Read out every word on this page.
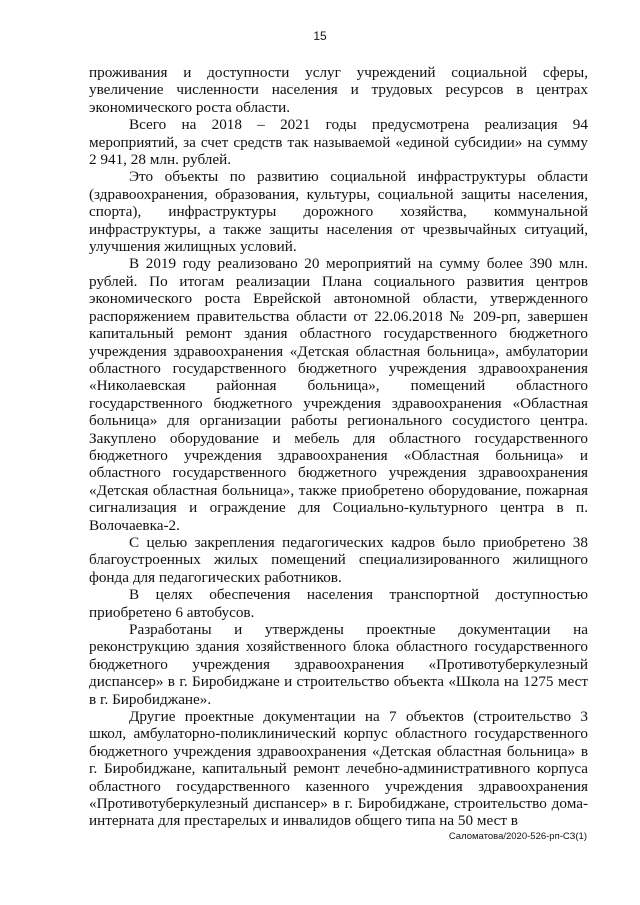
15

проживания и доступности услуг учреждений социальной сферы, увеличение численности населения и трудовых ресурсов в центрах экономического роста области.

Всего на 2018 – 2021 годы предусмотрена реализация 94 мероприятий, за счет средств так называемой «единой субсидии» на сумму 2 941, 28 млн. рублей.

Это объекты по развитию социальной инфраструктуры области (здравоохранения, образования, культуры, социальной защиты населения, спорта), инфраструктуры дорожного хозяйства, коммунальной инфраструктуры, а также защиты населения от чрезвычайных ситуаций, улучшения жилищных условий.

В 2019 году реализовано 20 мероприятий на сумму более 390 млн. рублей. По итогам реализации Плана социального развития центров экономического роста Еврейской автономной области, утвержденного распоряжением правительства области от 22.06.2018 № 209-рп, завершен капитальный ремонт здания областного государственного бюджетного учреждения здравоохранения «Детская областная больница», амбулатории областного государственного бюджетного учреждения здравоохранения «Николаевская районная больница», помещений областного государственного бюджетного учреждения здравоохранения «Областная больница» для организации работы регионального сосудистого центра. Закуплено оборудование и мебель для областного государственного бюджетного учреждения здравоохранения «Областная больница» и областного государственного бюджетного учреждения здравоохранения «Детская областная больница», также приобретено оборудование, пожарная сигнализация и ограждение для Социально-культурного центра в п. Волочаевка-2.

С целью закрепления педагогических кадров было приобретено 38 благоустроенных жилых помещений специализированного жилищного фонда для педагогических работников.

В целях обеспечения населения транспортной доступностью приобретено 6 автобусов.

Разработаны и утверждены проектные документации на реконструкцию здания хозяйственного блока областного государственного бюджетного учреждения здравоохранения «Противотуберкулезный диспансер» в г. Биробиджане и строительство объекта «Школа на 1275 мест в г. Биробиджане».

Другие проектные документации на 7 объектов (строительство 3 школ, амбулаторно-поликлинический корпус областного государственного бюджетного учреждения здравоохранения «Детская областная больница» в г. Биробиджане, капитальный ремонт лечебно-административного корпуса областного государственного казенного учреждения здравоохранения «Противотуберкулезный диспансер» в г. Биробиджане, строительство дома-интерната для престарелых и инвалидов общего типа на 50 мест в

Саломатова/2020-526-рп-СЗ(1)
